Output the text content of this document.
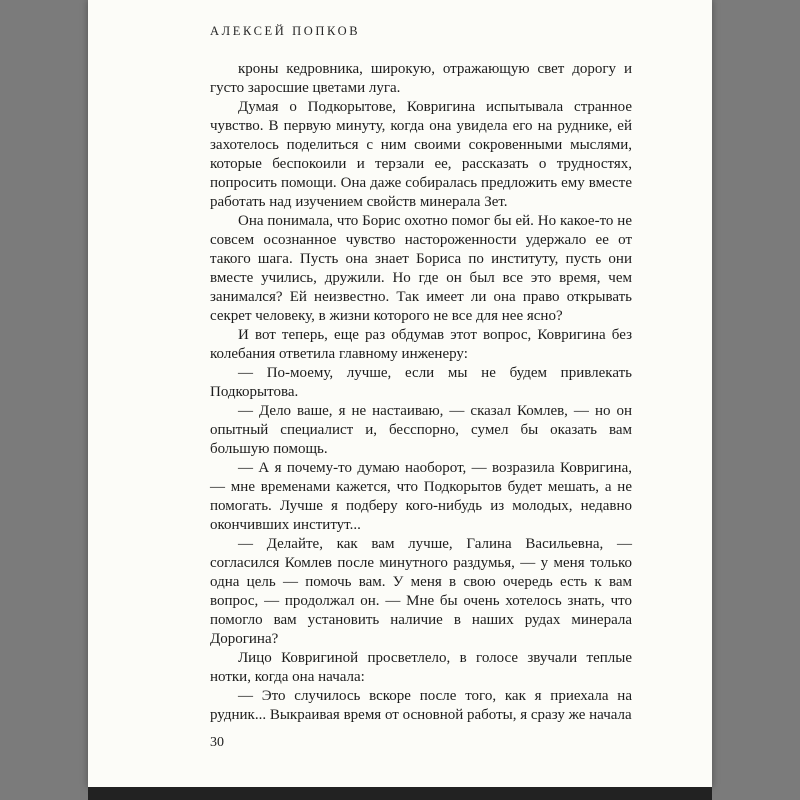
АЛЕКСЕЙ ПОПКОВ

кроны кедровника, широкую, отражающую свет дорогу и густо заросшие цветами луга.

Думая о Подкорытове, Ковригина испытывала странное чувство. В первую минуту, когда она увидела его на руднике, ей захотелось поделиться с ним своими сокровенными мыслями, которые беспокоили и терзали ее, рассказать о трудностях, попросить помощи. Она даже собиралась предложить ему вместе работать над изучением свойств минерала Зет.

Она понимала, что Борис охотно помог бы ей. Но какое-то не совсем осознанное чувство настороженности удержало ее от такого шага. Пусть она знает Бориса по институту, пусть они вместе учились, дружили. Но где он был все это время, чем занимался? Ей неизвестно. Так имеет ли она право открывать секрет человеку, в жизни которого не все для нее ясно?

И вот теперь, еще раз обдумав этот вопрос, Ковригина без колебания ответила главному инженеру:

— По-моему, лучше, если мы не будем привлекать Подкорытова.

— Дело ваше, я не настаиваю, — сказал Комлев, — но он опытный специалист и, бесспорно, сумел бы оказать вам большую помощь.

— А я почему-то думаю наоборот, — возразила Ковригина, — мне временами кажется, что Подкорытов будет мешать, а не помогать. Лучше я подберу кого-нибудь из молодых, недавно окончивших институт...

— Делайте, как вам лучше, Галина Васильевна, — согласился Комлев после минутного раздумья, — у меня только одна цель — помочь вам. У меня в свою очередь есть к вам вопрос, — продолжал он. — Мне бы очень хотелось знать, что помогло вам установить наличие в наших рудах минерала Дорогина?

Лицо Ковригиной просветлело, в голосе звучали теплые нотки, когда она начала:

— Это случилось вскоре после того, как я приехала на рудник... Выкраивая время от основной работы, я сразу же начала

30
